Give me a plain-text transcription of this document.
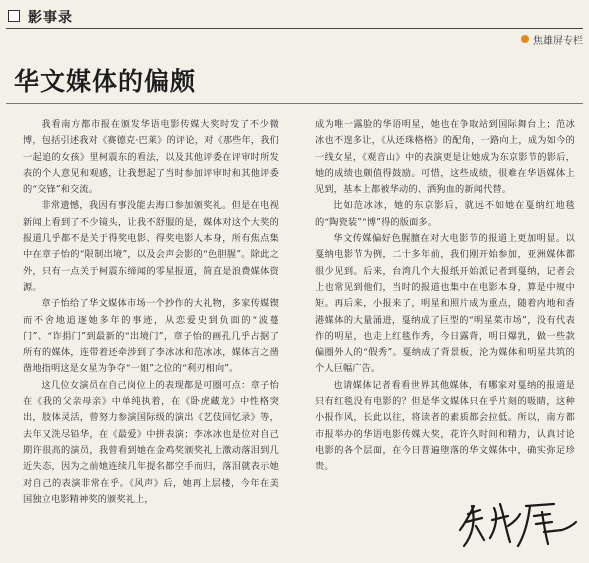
影事录
焦雄屏专栏
华文媒体的偏颇

我看南方都市报在颁发华语电影传媒大奖时发了不少微博，包括引述我对《赛德克·巴莱》的评论，对《那些年，我们一起追的女孩》里柯震东的看法，以及其他评委在评审时所发表的个人意见和观感，让我想起了当时参加评审时和其他评委的“交锋”和交流。

非常遗憾，我因有事没能去海口参加颁奖礼。但是在电视新闻上看到了不少镜头，让我不舒服的是，媒体对这个大奖的报道几乎都不是关于得奖电影、得奖电影人本身，所有焦点集中在章子怡的“限制出境”，以及会声会影的“色胆腥”。除此之外，只有一点关于柯震东缔闻的零星报道，简直是浪费媒体资源。

章子怡给了华文媒体市场一个抄作的大礼物，多家传媒锲而不舍地追逐她多年的事迹，从恋爱史到负面的“波蔓门”、“诈捐门”到最新的“出境门”，章子怡的画孔几乎占据了所有的媒体，连带着还牵涉到了李冰冰和范冰冰，媒体言之凿凿地指明这是女星为争夺“一姐”之位的“利刃相向”。

这几位女演员在自己岗位上的表现都是可圈可点：章子怡在《我的父亲母亲》中单纯执着，在《卧虎藏龙》中性格突出，肢体灵活，曾努力参演国际级的演出《艺伎回忆录》等，去年又洗尽铅华，在《最爱》中拼表演；李冰冰也是位对自己期许很高的演员，我曾看到她在金鸡奖颁奖礼上激动落泪到几近失态，因为之前她连续几年提名都空手而归，落泪就表示她对自己的表演非常在乎。《风声》后，她再上层楼，今年在美国独立电影精神奖的颁奖礼上，

成为唯一露脸的华语明星，她也在争取站到国际舞台上；范冰冰也不遑多让，《从还珠格格》的配角，一路向上，成为如今的一线女星，《观音山》中的表演更是让她成为东京影节的影后，她的成绩也颇值得鼓励。可惜，这些成绩，很难在华语媒体上见到，基本上都被华动的、洒狗血的新闻代替。

比如范冰冰，她的东京影后，就远不如她在戛纳红地毯的“陶瓷装”“博”得的版面多。

华文传媒偏好色腥膻在对大电影节的报道上更加明显。以戛纳电影节为例，二十多年前，我们刚开始参加，亚洲媒体都很少见到。后来，台湾几个大报纸开始派记者到戛纳，记者会上也常见到他们，当时的报道也集中在电影本身，算是中规中矩。再后来，小报来了，明星和照片成为重点，随着内地和香港媒体的大量涌进，戛纳成了巨型的“明星菜市场”，没有代表作的明星，也走上红毯作秀，今日露背，明日爆乳，做一些款偏圈外人的“假秀”。戛纳成了背景板，沦为媒体和明星共筑的个人巨幅广告。

也请媒体记者看看世界其他媒体，有哪家对戛纳的报道是只有红毯没有电影的？但是华文媒体只在乎片刻的吸睛，这种小报作风，长此以往，将读者的素质都会拉低。所以，南方都市报举办的华语电影传媒大奖，花许久时间和精力，认真讨论电影的各个层面，在今日普遍堕落的华文媒体中，确实弥足珍贵。
